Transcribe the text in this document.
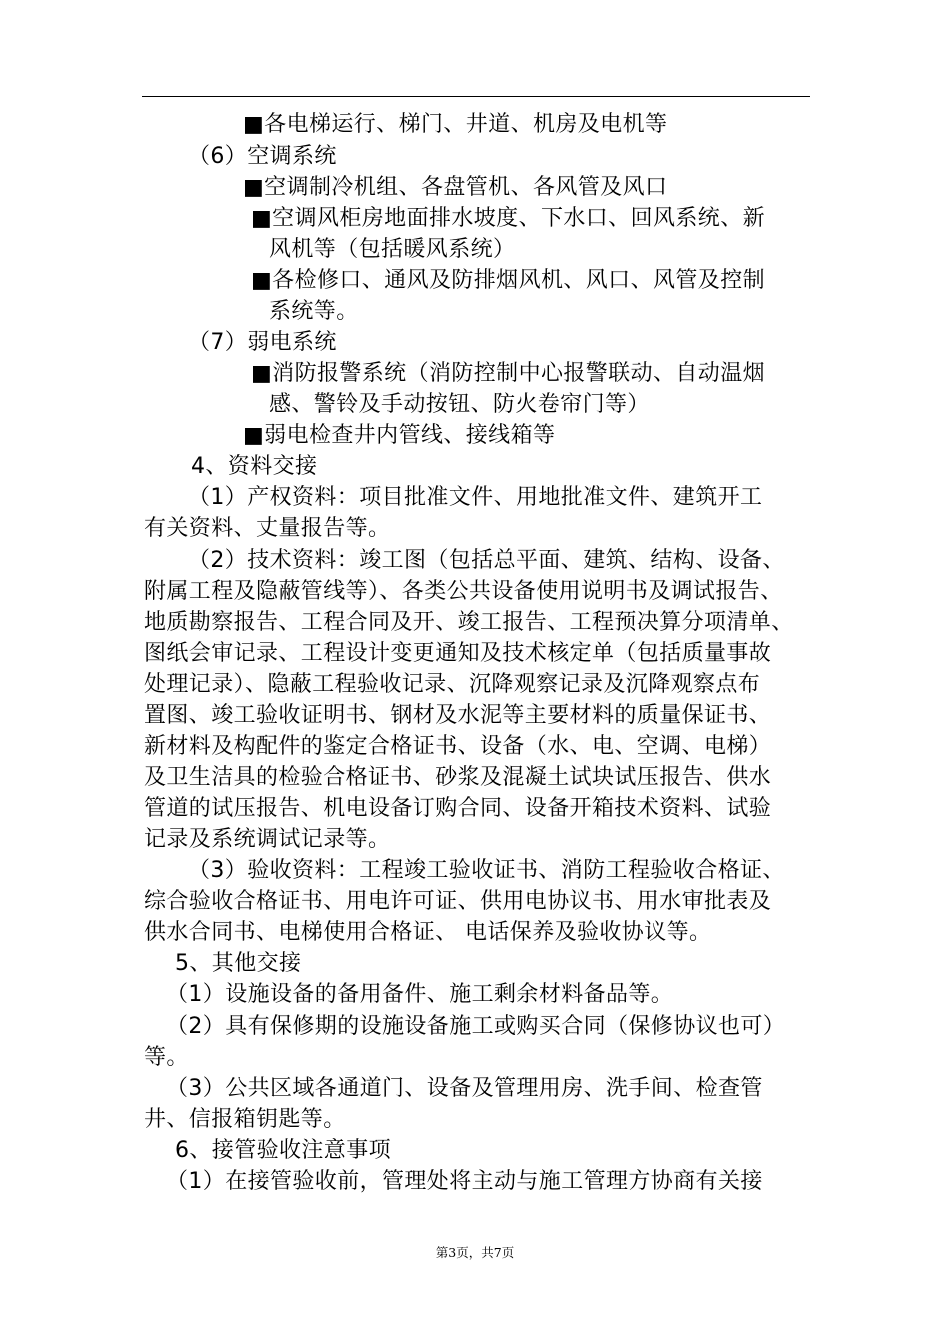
■各电梯运行、梯门、井道、机房及电机等
（6）空调系统
■空调制冷机组、各盘管机、各风管及风口
■空调风柜房地面排水坡度、下水口、回风系统、新
风机等（包括暖风系统）
■各检修口、通风及防排烟风机、风口、风管及控制
系统等。
（7）弱电系统
■消防报警系统（消防控制中心报警联动、自动温烟
感、警铃及手动按钮、防火卷帘门等）
■弱电检查井内管线、接线箱等
4、资料交接
（1）产权资料：项目批准文件、用地批准文件、建筑开工
有关资料、丈量报告等。
（2）技术资料：竣工图（包括总平面、建筑、结构、设备、
附属工程及隐蔽管线等）、各类公共设备使用说明书及调试报告、
地质勘察报告、工程合同及开、竣工报告、工程预决算分项清单、
图纸会审记录、工程设计变更通知及技术核定单（包括质量事故
处理记录）、隐蔽工程验收记录、沉降观察记录及沉降观察点布
置图、竣工验收证明书、钢材及水泥等主要材料的质量保证书、
新材料及构配件的鉴定合格证书、设备（水、电、空调、电梯）
及卫生洁具的检验合格证书、砂浆及混凝土试块试压报告、供水
管道的试压报告、机电设备订购合同、设备开箱技术资料、试验
记录及系统调试记录等。
（3）验收资料：工程竣工验收证书、消防工程验收合格证、
综合验收合格证书、用电许可证、供用电协议书、用水审批表及
供水合同书、电梯使用合格证、 电话保养及验收协议等。
5、其他交接
（1）设施设备的备用备件、施工剩余材料备品等。
（2）具有保修期的设施设备施工或购买合同（保修协议也可）
等。
（3）公共区域各通道门、设备及管理用房、洗手间、检查管
井、信报箱钥匙等。
6、接管验收注意事项
（1）在接管验收前，管理处将主动与施工管理方协商有关接
第3页，共7页
